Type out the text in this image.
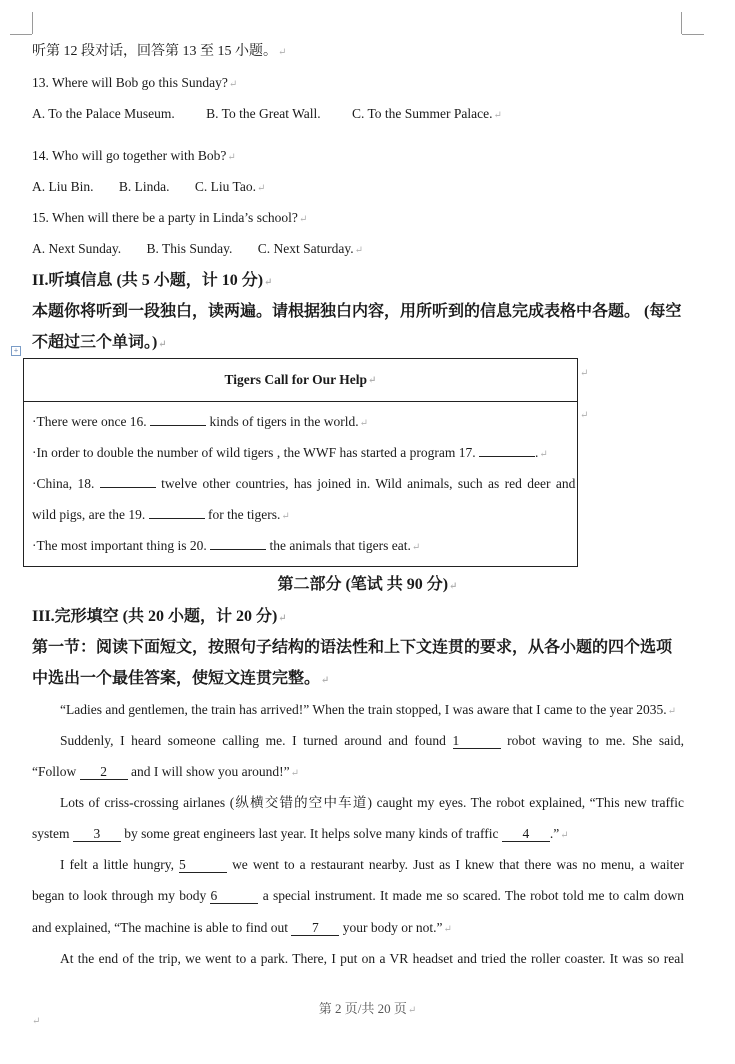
听第 12 段对话，回答第 13 至 15 小题。↵
13. Where will Bob go this Sunday?↵
A. To the Palace Museum. B. To the Great Wall. C. To the Summer Palace.↵
14. Who will go together with Bob?↵
A. Liu Bin. B. Linda. C. Liu Tao.↵
15. When will there be a party in Linda’s school?↵
A. Next Sunday. B. This Sunday. C. Next Saturday.↵
II.听填信息 (共 5 小题，计 10 分)↵
本题你将听到一段独白，读两遍。请根据独白内容，用所听到的信息完成表格中各题。 (每空
不超过三个单词。)↵
+
Tigers Call for Our Help ↵
·There were once 16.	kinds of tigers in the world.↵
·In order to double the number of wild tigers , the WWF has started a program 17.	.↵
·China, 18.	twelve other countries, has joined in. Wild animals, such as red deer and
wild pigs, are the 19.	for the tigers.↵
·The most important thing is 20.	the animals that tigers eat.↵
↵
↵
第二部分 (笔试 共 90 分)↵
III.完形填空 (共 20 小题，计 20 分)↵
第一节：阅读下面短文，按照句子结构的语法性和上下文连贯的要求，从各小题的四个选项
中选出一个最佳答案，使短文连贯完整。↵
“Ladies and gentlemen, the train has arrived!” When the train stopped, I was aware that I came to the year 2035.↵
Suddenly, I heard someone calling me. I turned around and found 1	robot waving to me. She said,
“Follow 2 and I will show you around!”↵
Lots of criss-crossing airlanes (纵横交错的空中车道) caught my eyes. The robot explained, “This new traffic
system 3 by some great engineers last year. It helps solve many kinds of traffic 4 .”↵
I felt a little hungry, 5	we went to a restaurant nearby. Just as I knew that there was no menu, a waiter
began to look through my body 6	a special instrument. It made me so scared. The robot told me to calm down
and explained, “The machine is able to find out 7 your body or not.”↵
At the end of the trip, we went to a park. There, I put on a VR headset and tried the roller coaster. It was so real
第 2 页/共 20 页↵
↵
